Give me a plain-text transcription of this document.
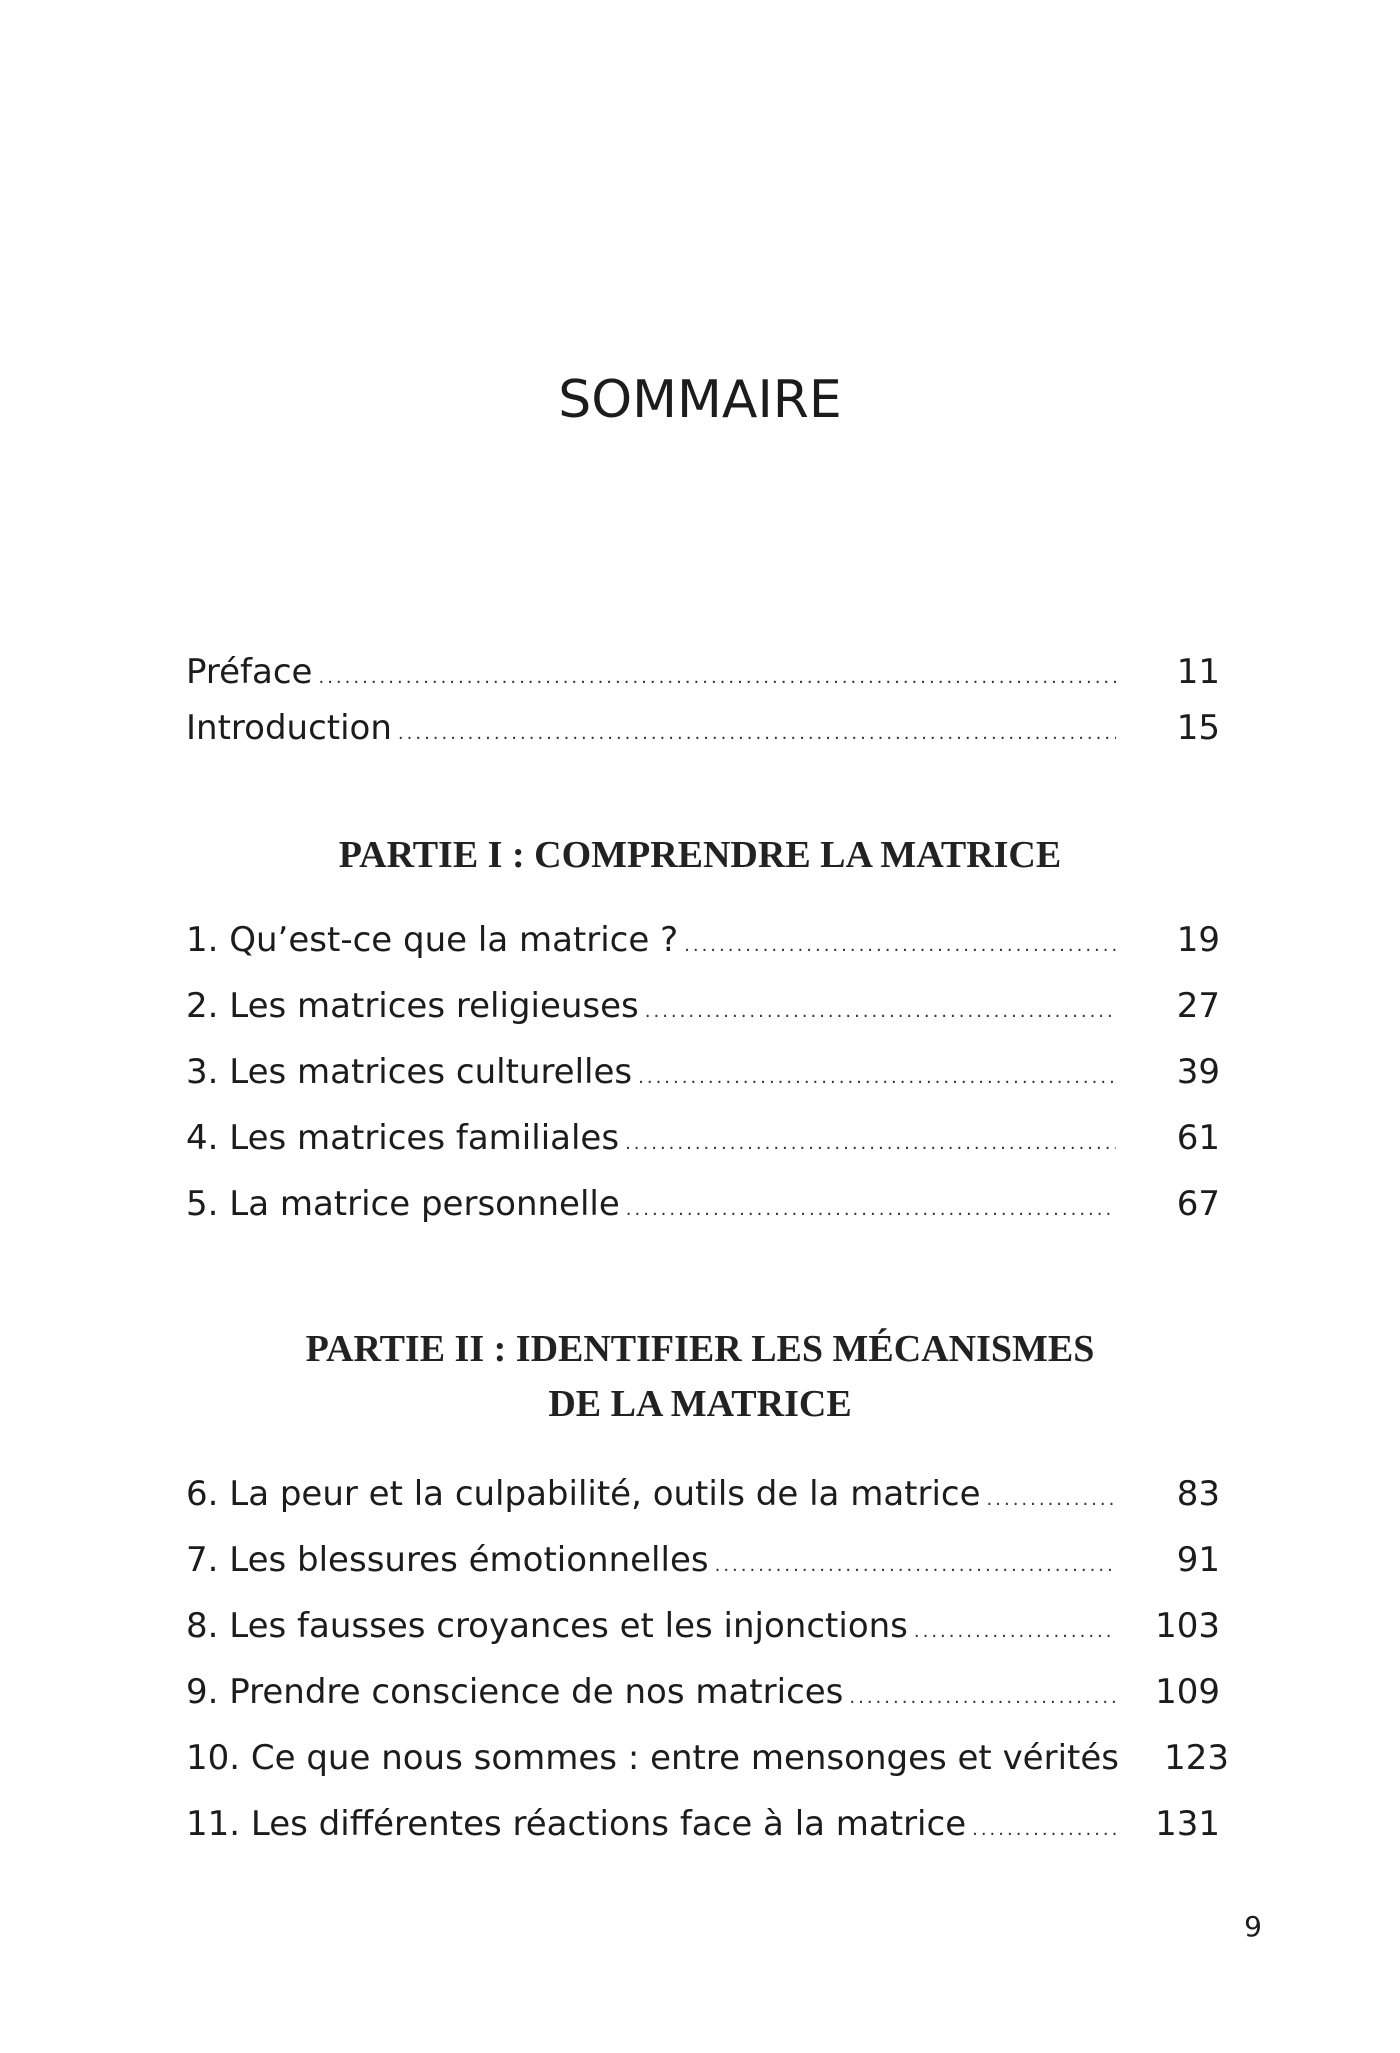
SOMMAIRE
Préface .....	11
Introduction .....	15
PARTIE I : COMPRENDRE LA MATRICE
1. Qu’est-ce que la matrice ? .....	19
2. Les matrices religieuses .....	27
3. Les matrices culturelles .....	39
4. Les matrices familiales .....	61
5. La matrice personnelle .....	67
PARTIE II : IDENTIFIER LES MÉCANISMES
DE LA MATRICE
6. La peur et la culpabilité, outils de la matrice .....	83
7. Les blessures émotionnelles .....	91
8. Les fausses croyances et les injonctions .....	103
9. Prendre conscience de nos matrices .....	109
10. Ce que nous sommes : entre mensonges et vérités	123
11. Les différentes réactions face à la matrice .....	131
9
